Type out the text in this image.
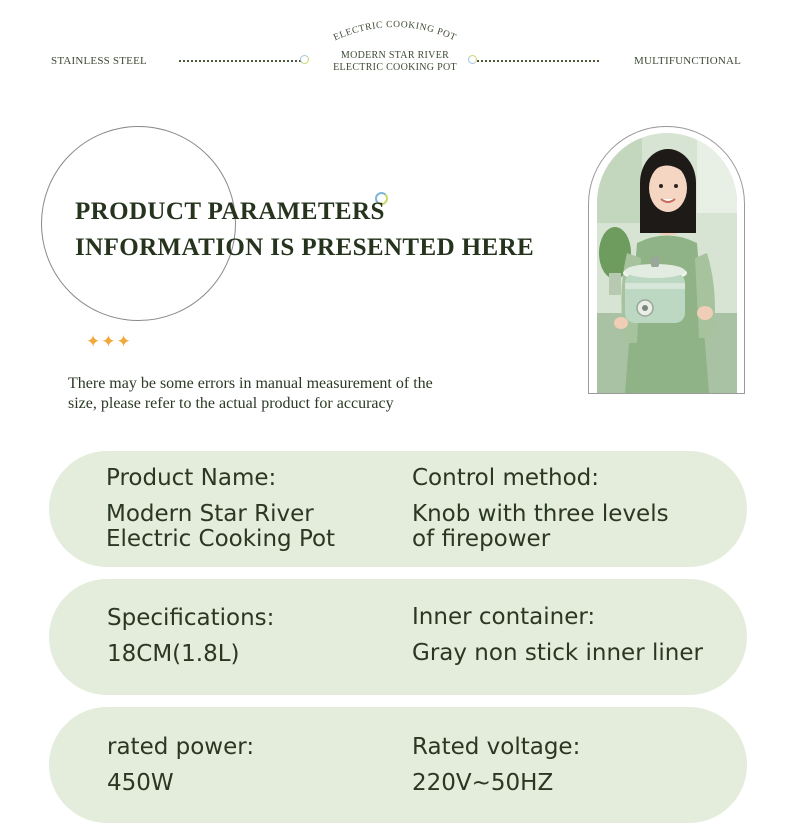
STAINLESS STEEL
ELECTRIC COOKING POT
MODERN STAR RIVER
ELECTRIC COOKING POT
MULTIFUNCTIONAL
PRODUCT PARAMETERS
INFORMATION IS PRESENTED HERE
✦✦✦
There may be some errors in manual measurement of the
size, please refer to the actual product for accuracy
Product Name:
Modern Star River
Electric Cooking Pot
Control method:
Knob with three levels
of firepower
Specifications:
18CM(1.8L)
Inner container:
Gray non stick inner liner
rated power:
450W
Rated voltage:
220V~50HZ
